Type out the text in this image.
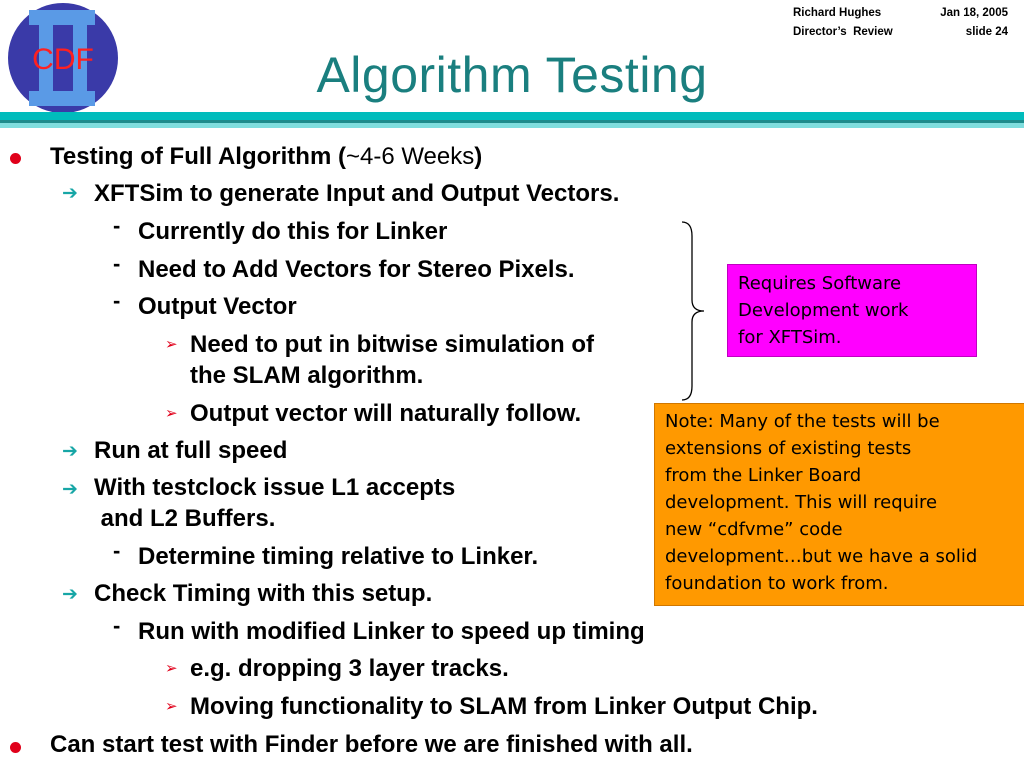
CDF
Richard Hughes
Director’s  Review
Jan 18, 2005
slide 24
Algorithm Testing
Testing of Full Algorithm (~4-6 Weeks)
➔ XFTSim to generate Input and Output Vectors.
- Currently do this for Linker
- Need to Add Vectors for Stereo Pixels.
- Output Vector
➢ Need to put in bitwise simulation of
the SLAM algorithm.
➢ Output vector will naturally follow.
➔ Run at full speed
➔ With testclock issue L1 accepts
and L2 Buffers.
- Determine timing relative to Linker.
➔ Check Timing with this setup.
- Run with modified Linker to speed up timing
➢ e.g. dropping 3 layer tracks.
➢ Moving functionality to SLAM from Linker Output Chip.
Can start test with Finder before we are finished with all.
Requires Software
Development work
for XFTSim.
Note: Many of the tests will be
extensions of existing tests
from the Linker Board
development. This will require
new “cdfvme” code
development…but we have a solid
foundation to work from.
